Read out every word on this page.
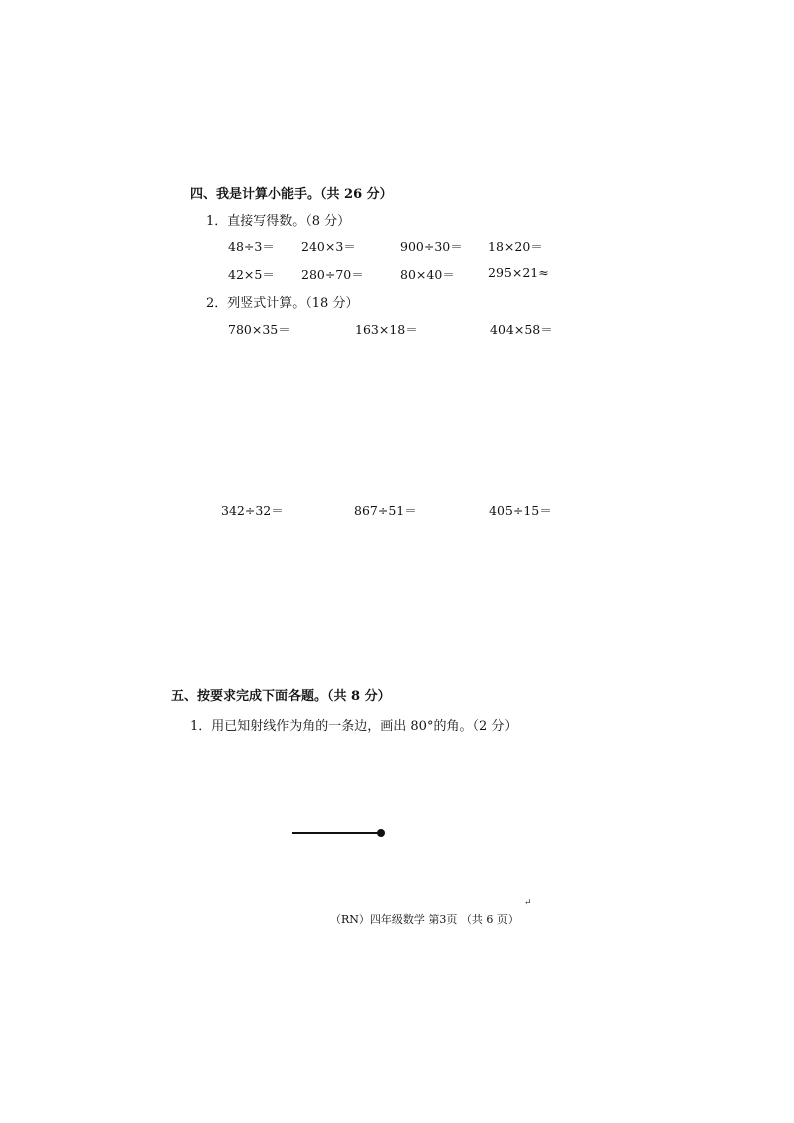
四、我是计算小能手。（共 26 分）
1．直接写得数。（8 分）
48÷3＝ 240×3＝	900÷30＝ 18×20＝
42×5＝ 280÷70＝	80×40＝	295×21≈
2．列竖式计算。（18 分）
780×35＝	163×18＝	404×58＝
342÷32＝	867÷51＝	405÷15＝
五、按要求完成下面各题。（共 8 分）
1．用已知射线作为角的一条边，画出 80°的角。（2 分）
↵
（RN）四年级数学 第3页 （共 6 页）
